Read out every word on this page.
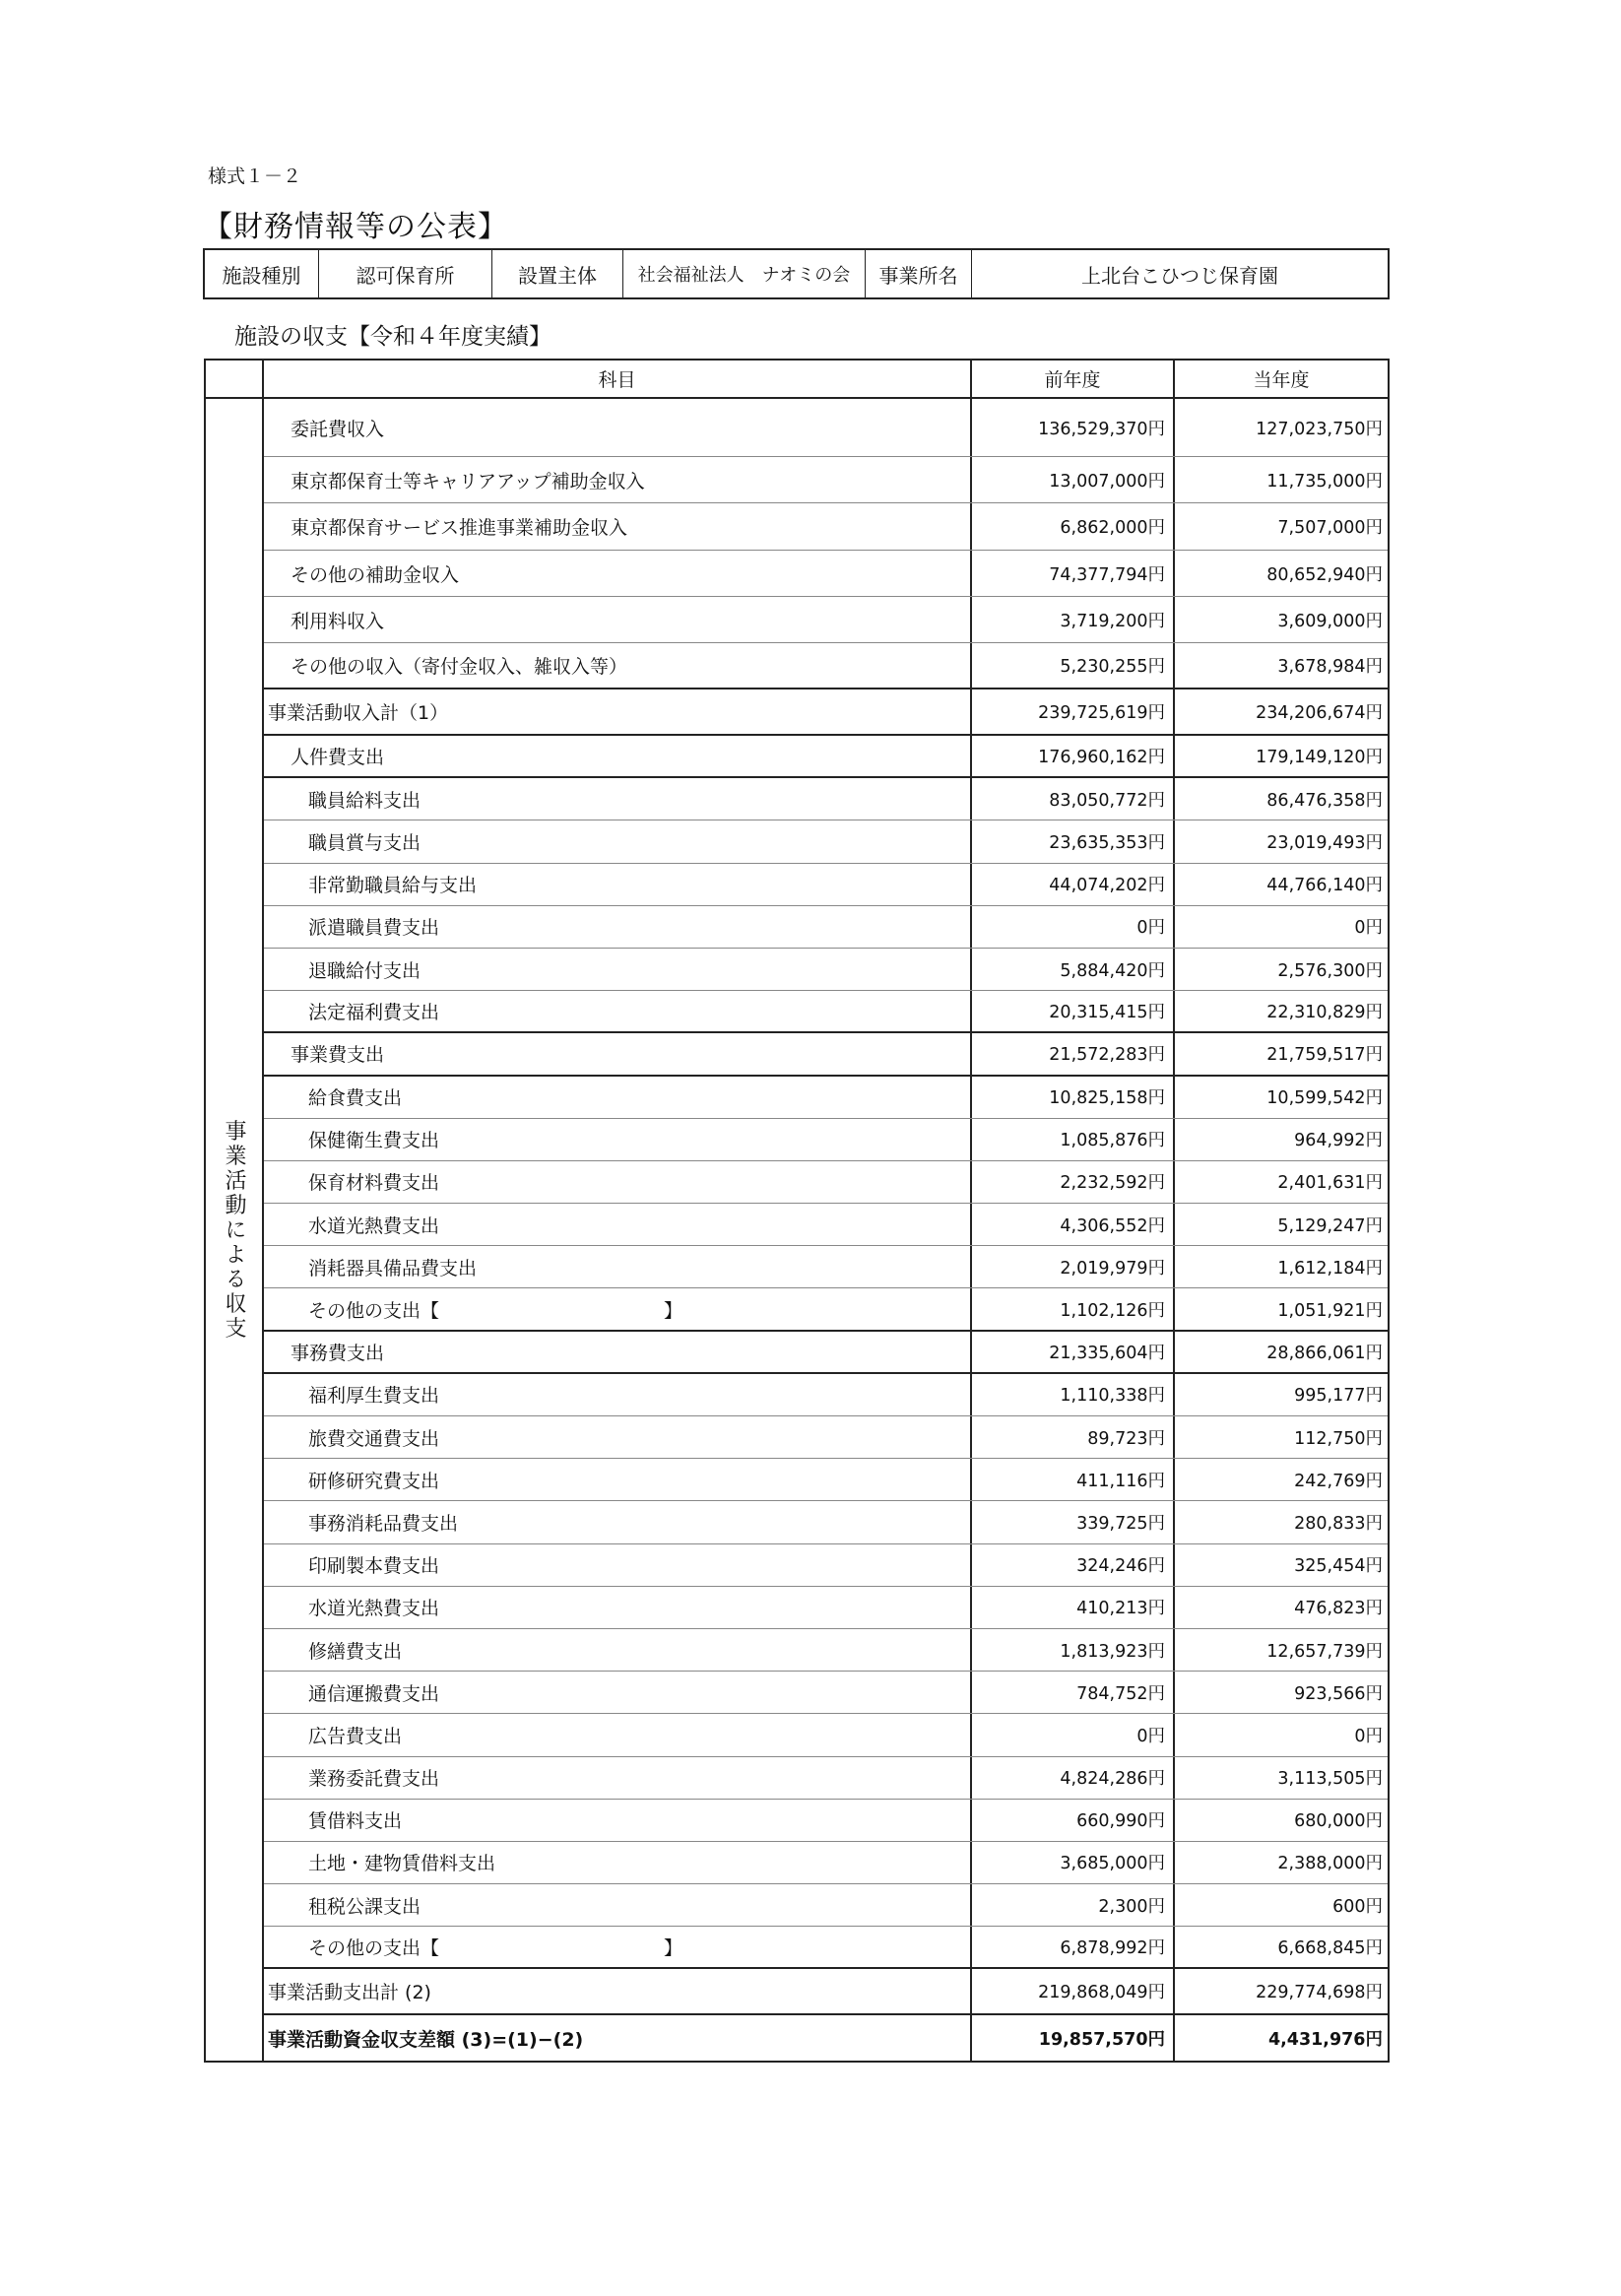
様式１－２
【財務情報等の公表】
施設種別	認可保育所	設置主体	社会福祉法人　ナオミの会	事業所名	上北台こひつじ保育園
施設の収支【令和４年度実績】
科目	前年度	当年度
事業活動による収支
委託費収入	136,529,370円	127,023,750円
東京都保育士等キャリアアップ補助金収入	13,007,000円	11,735,000円
東京都保育サービス推進事業補助金収入	6,862,000円	7,507,000円
その他の補助金収入	74,377,794円	80,652,940円
利用料収入	3,719,200円	3,609,000円
その他の収入（寄付金収入、雑収入等）	5,230,255円	3,678,984円
事業活動収入計（1）	239,725,619円	234,206,674円
人件費支出	176,960,162円	179,149,120円
職員給料支出	83,050,772円	86,476,358円
職員賞与支出	23,635,353円	23,019,493円
非常勤職員給与支出	44,074,202円	44,766,140円
派遣職員費支出	0円	0円
退職給付支出	5,884,420円	2,576,300円
法定福利費支出	20,315,415円	22,310,829円
事業費支出	21,572,283円	21,759,517円
給食費支出	10,825,158円	10,599,542円
保健衛生費支出	1,085,876円	964,992円
保育材料費支出	2,232,592円	2,401,631円
水道光熱費支出	4,306,552円	5,129,247円
消耗器具備品費支出	2,019,979円	1,612,184円
その他の支出【	】	1,102,126円	1,051,921円
事務費支出	21,335,604円	28,866,061円
福利厚生費支出	1,110,338円	995,177円
旅費交通費支出	89,723円	112,750円
研修研究費支出	411,116円	242,769円
事務消耗品費支出	339,725円	280,833円
印刷製本費支出	324,246円	325,454円
水道光熱費支出	410,213円	476,823円
修繕費支出	1,813,923円	12,657,739円
通信運搬費支出	784,752円	923,566円
広告費支出	0円	0円
業務委託費支出	4,824,286円	3,113,505円
賃借料支出	660,990円	680,000円
土地・建物賃借料支出	3,685,000円	2,388,000円
租税公課支出	2,300円	600円
その他の支出【	】	6,878,992円	6,668,845円
事業活動支出計 (2)	219,868,049円	229,774,698円
事業活動資金収支差額 (3)=(1)−(2)	19,857,570円	4,431,976円
